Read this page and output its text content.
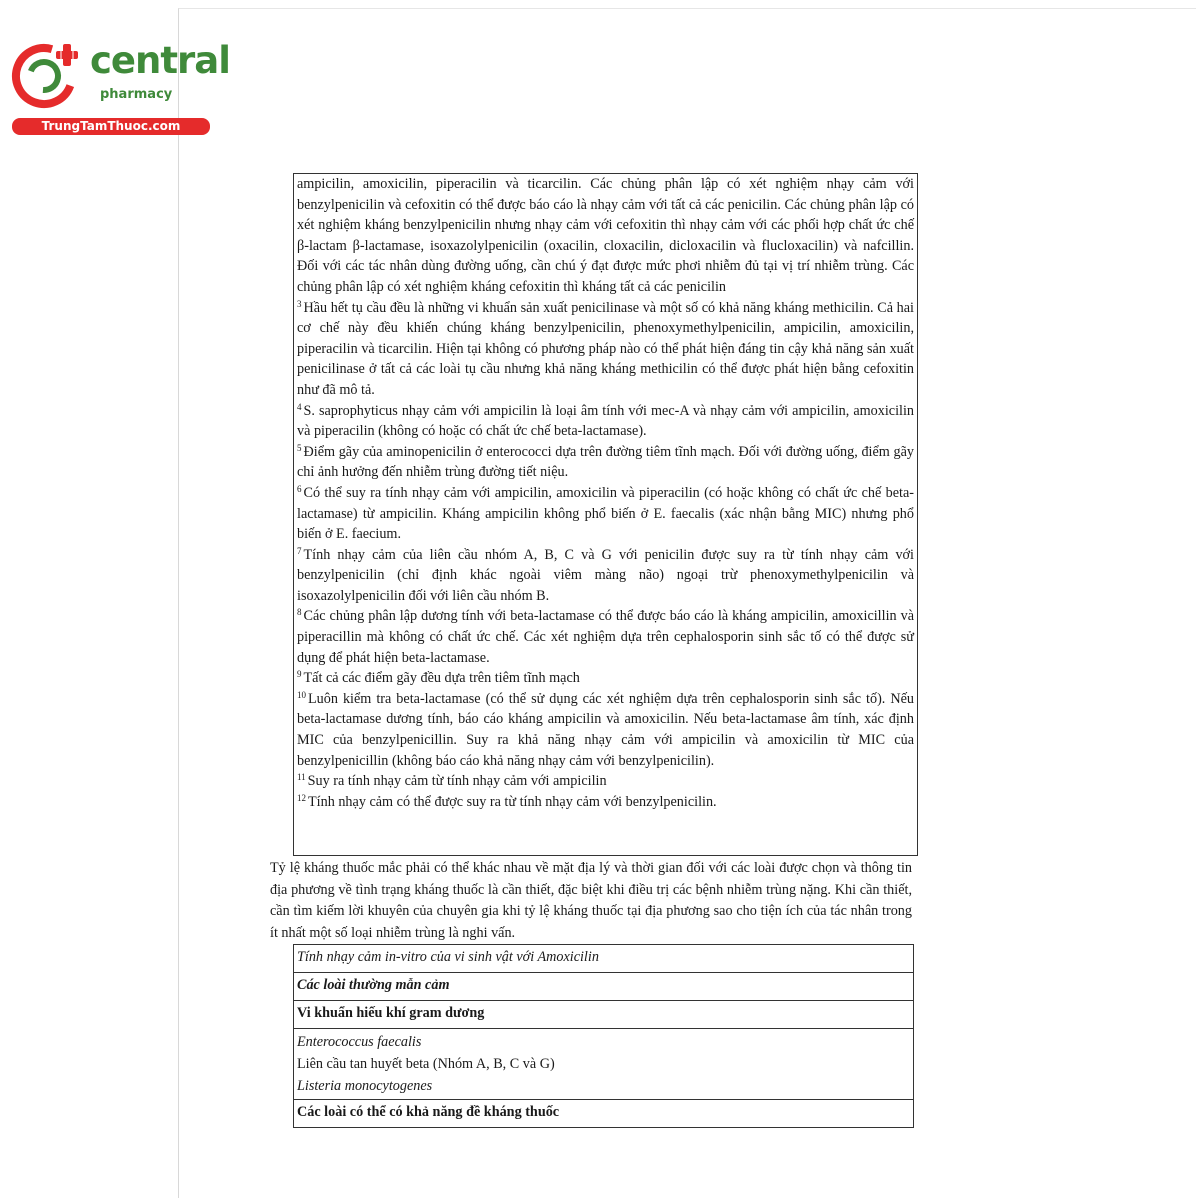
central
pharmacy
TrungTamThuoc.com

ampicilin, amoxicilin, piperacilin và ticarcilin. Các chủng phân lập có xét nghiệm nhạy cảm với benzylpenicilin và cefoxitin có thể được báo cáo là nhạy cảm với tất cả các penicilin. Các chủng phân lập có xét nghiệm kháng benzylpenicilin nhưng nhạy cảm với cefoxitin thì nhạy cảm với các phối hợp chất ức chế β-lactam β-lactamase, isoxazolylpenicilin (oxacilin, cloxacilin, dicloxacilin và flucloxacilin) và nafcillin. Đối với các tác nhân dùng đường uống, cần chú ý đạt được mức phơi nhiễm đủ tại vị trí nhiễm trùng. Các chủng phân lập có xét nghiệm kháng cefoxitin thì kháng tất cả các penicilin

$^3$ Hầu hết tụ cầu đều là những vi khuẩn sản xuất penicilinase và một số có khả năng kháng methicilin. Cả hai cơ chế này đều khiến chúng kháng benzylpenicilin, phenoxymethylpenicilin, ampicilin, amoxicilin, piperacilin và ticarcilin. Hiện tại không có phương pháp nào có thể phát hiện đáng tin cậy khả năng sản xuất penicilinase ở tất cả các loài tụ cầu nhưng khả năng kháng methicilin có thể được phát hiện bằng cefoxitin như đã mô tả.

$^4$ S. saprophyticus nhạy cảm với ampicilin là loại âm tính với mec-A và nhạy cảm với ampicilin, amoxicilin và piperacilin (không có hoặc có chất ức chế beta-lactamase).

$^5$ Điểm gãy của aminopenicilin ở enterococci dựa trên đường tiêm tĩnh mạch. Đối với đường uống, điểm gãy chỉ ảnh hưởng đến nhiễm trùng đường tiết niệu.

$^6$ Có thể suy ra tính nhạy cảm với ampicilin, amoxicilin và piperacilin (có hoặc không có chất ức chế beta-lactamase) từ ampicilin. Kháng ampicilin không phổ biến ở E. faecalis (xác nhận bằng MIC) nhưng phổ biến ở E. faecium.

$^7$ Tính nhạy cảm của liên cầu nhóm A, B, C và G với penicilin được suy ra từ tính nhạy cảm với benzylpenicilin (chỉ định khác ngoài viêm màng não) ngoại trừ phenoxymethylpenicilin và isoxazolylpenicilin đối với liên cầu nhóm B.

$^8$ Các chủng phân lập dương tính với beta-lactamase có thể được báo cáo là kháng ampicilin, amoxicillin và piperacillin mà không có chất ức chế. Các xét nghiệm dựa trên cephalosporin sinh sắc tố có thể được sử dụng để phát hiện beta-lactamase.

$^9$ Tất cả các điểm gãy đều dựa trên tiêm tĩnh mạch

$^{10}$ Luôn kiểm tra beta-lactamase (có thể sử dụng các xét nghiệm dựa trên cephalosporin sinh sắc tố). Nếu beta-lactamase dương tính, báo cáo kháng ampicilin và amoxicilin. Nếu beta-lactamase âm tính, xác định MIC của benzylpenicillin. Suy ra khả năng nhạy cảm với ampicilin và amoxicilin từ MIC của benzylpenicillin (không báo cáo khả năng nhạy cảm với benzylpenicilin).

$^{11}$ Suy ra tính nhạy cảm từ tính nhạy cảm với ampicilin

$^{12}$ Tính nhạy cảm có thể được suy ra từ tính nhạy cảm với benzylpenicilin.

Tỷ lệ kháng thuốc mắc phải có thể khác nhau về mặt địa lý và thời gian đối với các loài được chọn và thông tin địa phương về tình trạng kháng thuốc là cần thiết, đặc biệt khi điều trị các bệnh nhiễm trùng nặng. Khi cần thiết, cần tìm kiếm lời khuyên của chuyên gia khi tỷ lệ kháng thuốc tại địa phương sao cho tiện ích của tác nhân trong ít nhất một số loại nhiễm trùng là nghi vấn.

Tính nhạy cảm in-vitro của vi sinh vật với Amoxicilin
Các loài thường mẫn cảm
Vi khuẩn hiếu khí gram dương

Enterococcus faecalis
Liên cầu tan huyết beta (Nhóm A, B, C và G)
Listeria monocytogenes

Các loài có thể có khả năng đề kháng thuốc
